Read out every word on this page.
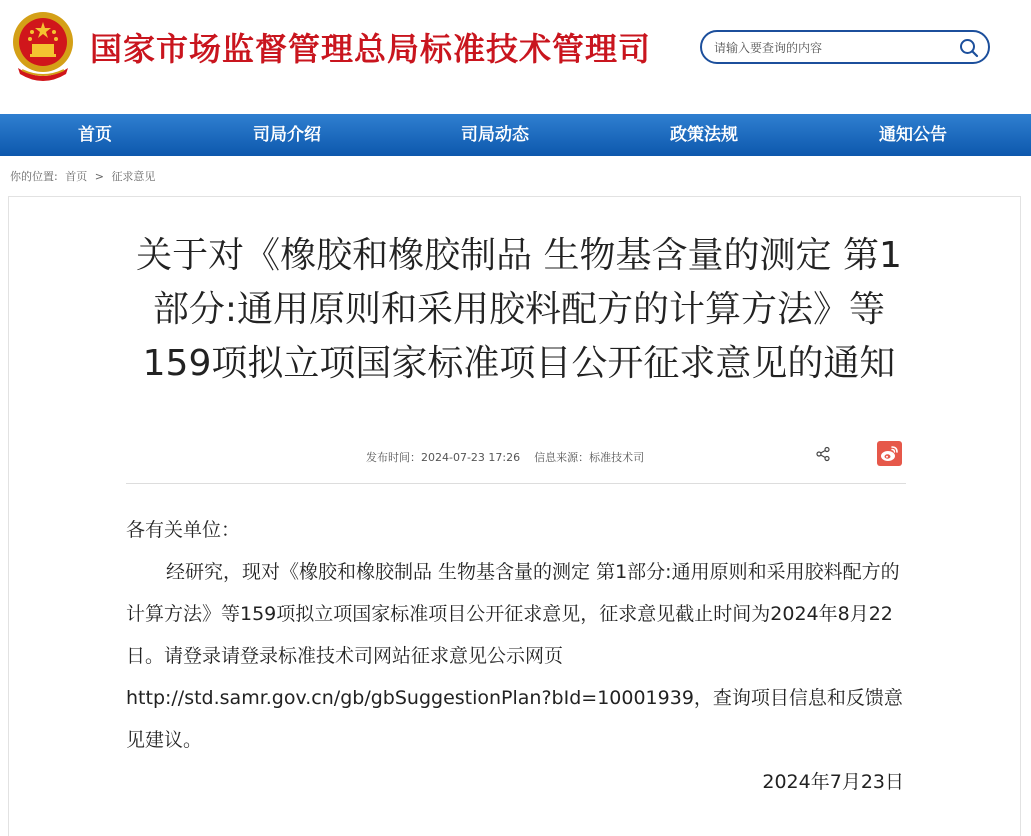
国家市场监督管理总局标准技术管理司
请输入要查询的内容
首页	司局介绍	司局动态	政策法规	通知公告
你的位置: 首页 > 征求意见
关于对《橡胶和橡胶制品 生物基含量的测定 第1部分:通用原则和采用胶料配方的计算方法》等159项拟立项国家标准项目公开征求意见的通知
发布时间：2024-07-23 17:26 信息来源：标准技术司

各有关单位：

经研究，现对《橡胶和橡胶制品 生物基含量的测定 第1部分:通用原则和采用胶料配方的计算方法》等159项拟立项国家标准项目公开征求意见，征求意见截止时间为2024年8月22日。请登录请登录标准技术司网站征求意见公示网页http://std.samr.gov.cn/gb/gbSuggestionPlan?bId=10001939，查询项目信息和反馈意见建议。

2024年7月23日
